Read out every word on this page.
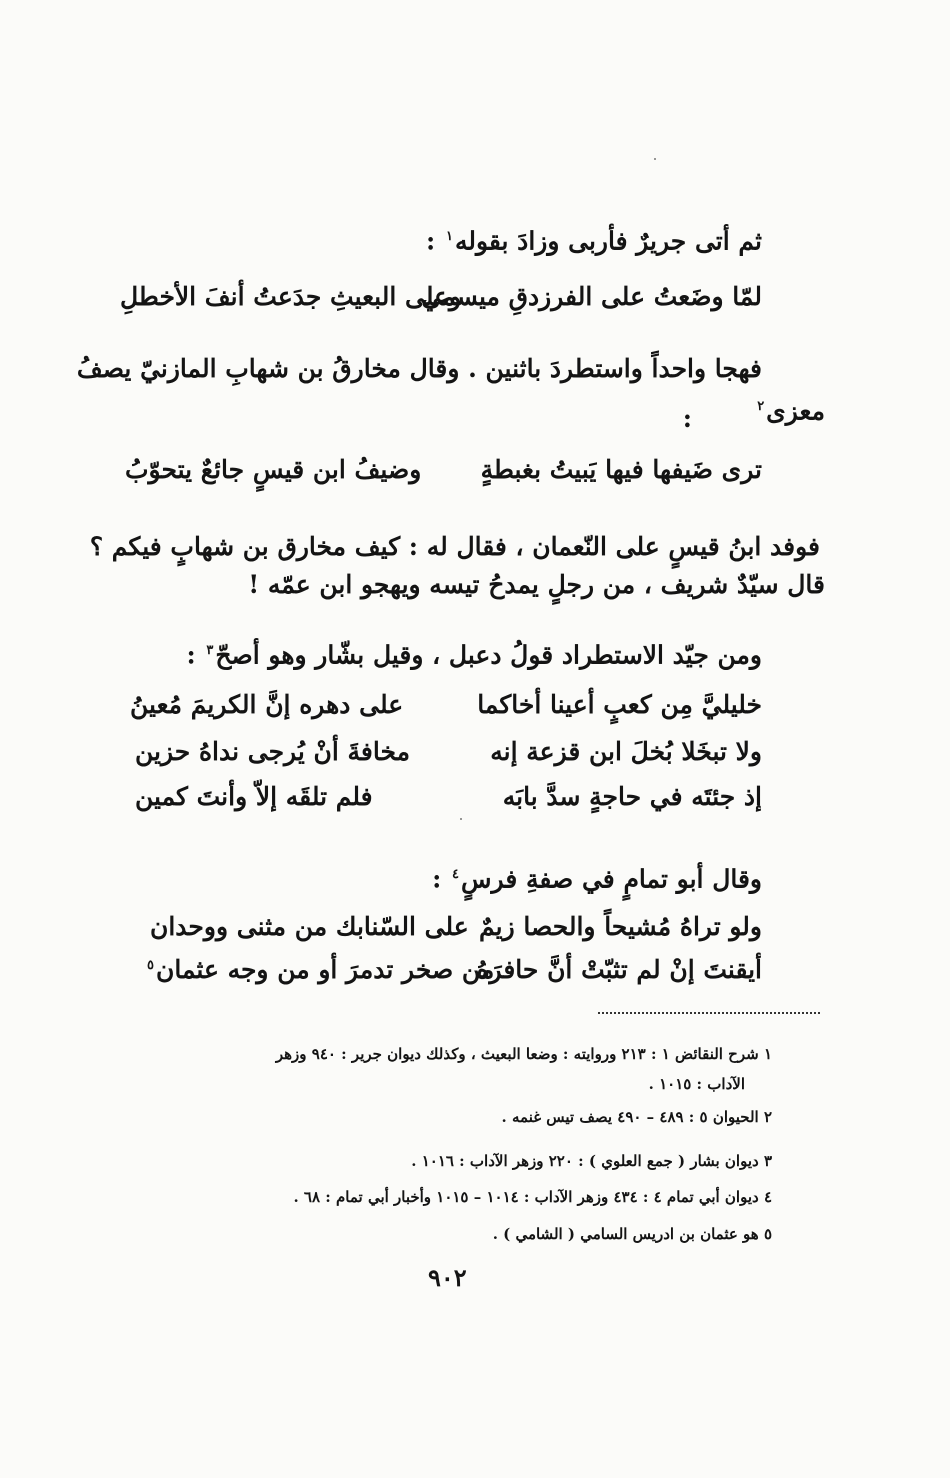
ثم أتى جريرٌ فأربى وزادَ بقوله$^١$ :
لمّا وضَعتُ على الفرزدقِ ميسمي
وعلى البعيثِ جدَعتُ أنفَ الأخطلِ
فهجا واحداً واستطردَ باثنين . وقال مخارقُ بن شهابِ المازنيّ يصفُ
معزى$^٢$
:
ترى ضَيفها فيها يَبيتُ بغبطةٍ
وضيفُ ابن قيسٍ جائعٌ يتحوّبُ
فوفد ابنُ قيسٍ على النّعمان ، فقال له : كيف مخارق بن شهابٍ فيكم ؟
قال سيّدٌ شريف ، من رجلٍ يمدحُ تيسه ويهجو ابن عمّه !
ومن جيّد الاستطراد قولُ دعبل ، وقيل بشّار وهو أصحّ$^٣$ :
خليليَّ مِن كعبٍ أعينا أخاكما
على دهره إنَّ الكريمَ مُعينُ
ولا تبخَلا بُخلَ ابن قزعة إنه
مخافةَ أنْ يُرجى نداهُ حزين
إذ جئتَه في حاجةٍ سدَّ بابَه
فلم تلقَه إلاّ وأنتَ كمين
وقال أبو تمامٍ في صفةِ فرسٍ$^٤$ :
ولو تراهُ مُشيحاً والحصا زيمٌ
على السّنابك من مثنى ووحدان
أيقنتَ إنْ لم تثبّتْ أنَّ حافرَهُ
من صخر تدمرَ أو من وجه عثمان$^٥$
١ شرح النقائض ١ : ٢١٣ وروايته : وضعا البعيث ، وكذلك ديوان جرير : ٩٤٠ وزهر
الآداب : ١٠١٥ .
٢ الحيوان ٥ : ٤٨٩ – ٤٩٠ يصف تيس غنمه .
٣ ديوان بشار ( جمع العلوي ) : ٢٢٠ وزهر الآداب : ١٠١٦ .
٤ ديوان أبي تمام ٤ : ٤٣٤ وزهر الآداب : ١٠١٤ – ١٠١٥ وأخبار أبي تمام : ٦٨ .
٥ هو عثمان بن ادريس السامي ( الشامي ) .
٩٠٢
